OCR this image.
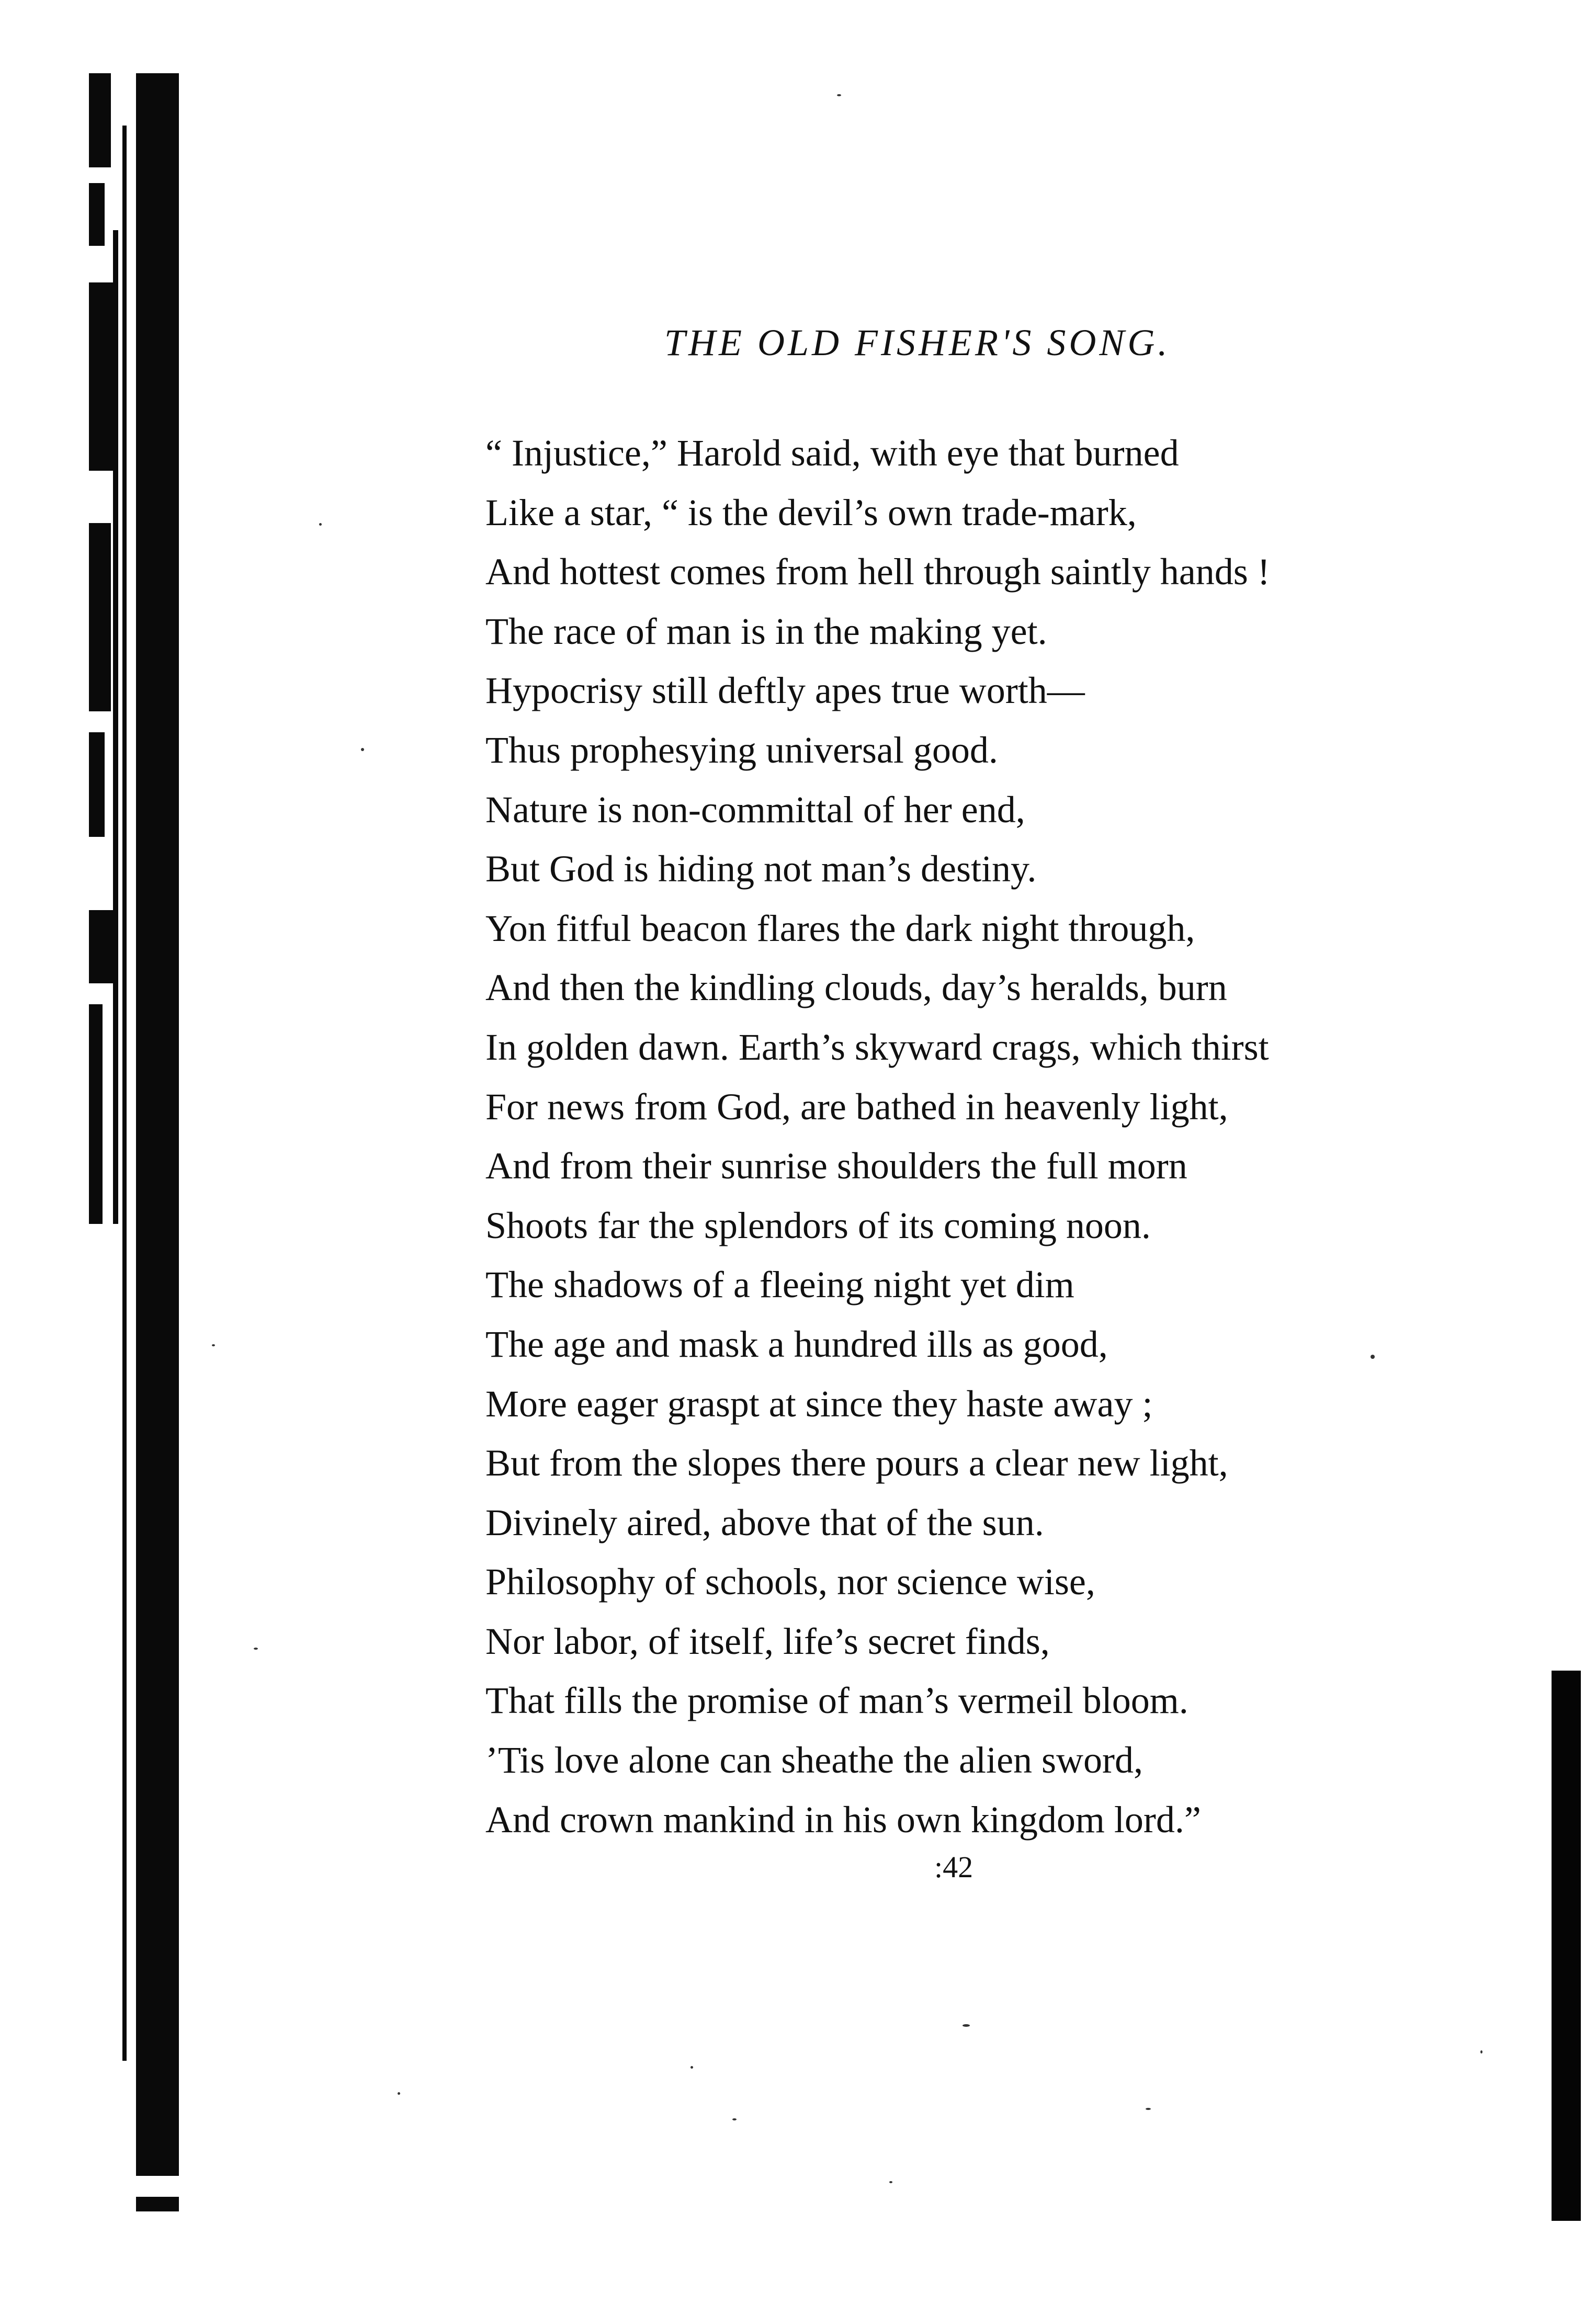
THE OLD FISHER'S SONG.
“ Injustice,” Harold said, with eye that burned
Like a star, “ is the devil’s own trade-mark,
And hottest comes from hell through saintly hands !
The race of man is in the making yet.
Hypocrisy still deftly apes true worth—
Thus prophesying universal good.
Nature is non-committal of her end,
But God is hiding not man’s destiny.
Yon fitful beacon flares the dark night through,
And then the kindling clouds, day’s heralds, burn
In golden dawn. Earth’s skyward crags, which thirst
For news from God, are bathed in heavenly light,
And from their sunrise shoulders the full morn
Shoots far the splendors of its coming noon.
The shadows of a fleeing night yet dim
The age and mask a hundred ills as good,
More eager graspt at since they haste away ;
But from the slopes there pours a clear new light,
Divinely aired, above that of the sun.
Philosophy of schools, nor science wise,
Nor labor, of itself, life’s secret finds,
That fills the promise of man’s vermeil bloom.
’Tis love alone can sheathe the alien sword,
And crown mankind in his own kingdom lord.”
:42
